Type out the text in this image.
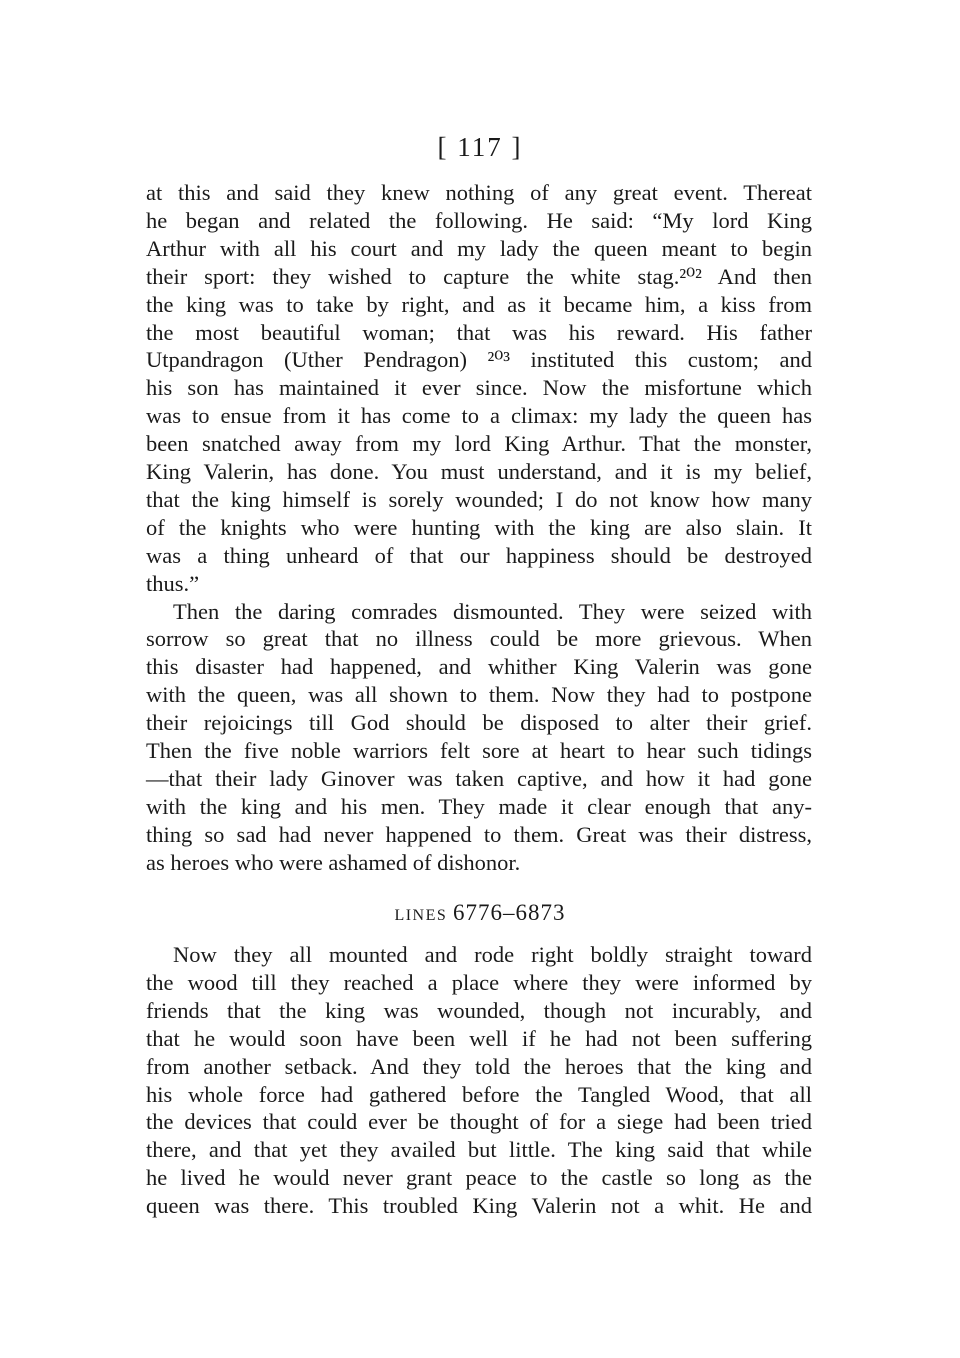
[ 117 ]
at this and said they knew nothing of any great event. Thereat
he began and related the following. He said: “My lord King
Arthur with all his court and my lady the queen meant to begin
their sport: they wished to capture the white stag.²⁰² And then
the king was to take by right, and as it became him, a kiss from
the most beautiful woman; that was his reward. His father
Utpandragon (Uther Pendragon) ²⁰³ instituted this custom; and
his son has maintained it ever since. Now the misfortune which
was to ensue from it has come to a climax: my lady the queen has
been snatched away from my lord King Arthur. That the monster,
King Valerin, has done. You must understand, and it is my belief,
that the king himself is sorely wounded; I do not know how many
of the knights who were hunting with the king are also slain. It
was a thing unheard of that our happiness should be destroyed
thus.”
Then the daring comrades dismounted. They were seized with
sorrow so great that no illness could be more grievous. When
this disaster had happened, and whither King Valerin was gone
with the queen, was all shown to them. Now they had to postpone
their rejoicings till God should be disposed to alter their grief.
Then the five noble warriors felt sore at heart to hear such tidings
—that their lady Ginover was taken captive, and how it had gone
with the king and his men. They made it clear enough that any-
thing so sad had never happened to them. Great was their distress,
as heroes who were ashamed of dishonor.
Now they all mounted and rode right boldly straight toward
the wood till they reached a place where they were informed by
friends that the king was wounded, though not incurably, and
that he would soon have been well if he had not been suffering
from another setback. And they told the heroes that the king and
his whole force had gathered before the Tangled Wood, that all
the devices that could ever be thought of for a siege had been tried
there, and that yet they availed but little. The king said that while
he lived he would never grant peace to the castle so long as the
queen was there. This troubled King Valerin not a whit. He and
LINES 6776–6873
